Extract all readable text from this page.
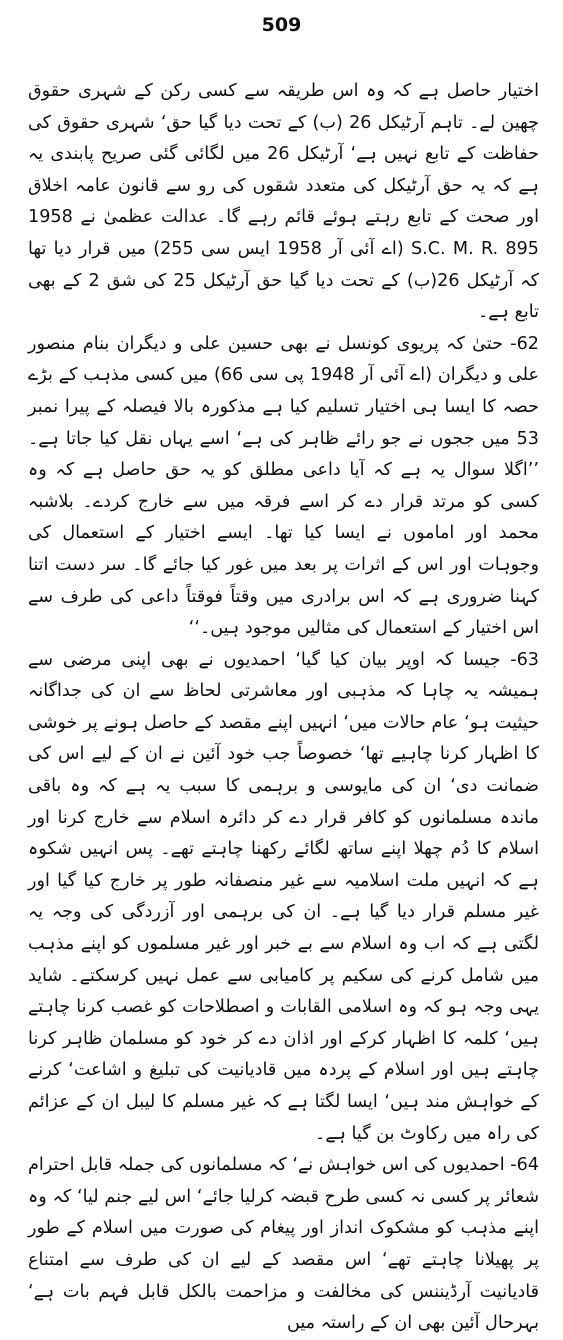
509

اختیار حاصل ہے کہ وہ اس طریقہ سے کسی رکن کے شہری حقوق چھین لے۔ تاہم آرٹیکل 26 (ب) کے تحت دیا گیا حق‘ شہری حقوق کی حفاظت کے تابع نہیں ہے‘ آرٹیکل 26 میں لگائی گئی صریح پابندی یہ ہے کہ یہ حق آرٹیکل کی متعدد شقوں کی رو سے قانون عامہ اخلاق اور صحت کے تابع رہتے ہوئے قائم رہے گا۔ عدالت عظمیٰ نے 1958 S.C. M. R. 895 (اے آئی آر 1958 ایس سی 255) میں قرار دیا تھا کہ آرٹیکل 26(ب) کے تحت دیا گیا حق آرٹیکل 25 کی شق 2 کے بھی تابع ہے۔

62- حتیٰ کہ پریوی کونسل نے بھی حسین علی و دیگران بنام منصور علی و دیگران (اے آئی آر 1948 پی سی 66) میں کسی مذہب کے بڑے حصہ کا ایسا ہی اختیار تسلیم کیا ہے مذکورہ بالا فیصلہ کے پیرا نمبر 53 میں ججوں نے جو رائے ظاہر کی ہے‘ اسے یہاں نقل کیا جاتا ہے۔ ’’اگلا سوال یہ ہے کہ آیا داعی مطلق کو یہ حق حاصل ہے کہ وہ کسی کو مرتد قرار دے کر اسے فرقہ میں سے خارج کردے۔ بلاشبہ محمد اور اماموں نے ایسا کیا تھا۔ ایسے اختیار کے استعمال کی وجوہات اور اس کے اثرات پر بعد میں غور کیا جائے گا۔ سر دست اتنا کہنا ضروری ہے کہ اس برادری میں وقتاً فوقتاً داعی کی طرف سے اس اختیار کے استعمال کی مثالیں موجود ہیں۔‘‘

63- جیسا کہ اوپر بیان کیا گیا‘ احمدیوں نے بھی اپنی مرضی سے ہمیشہ یہ چاہا کہ مذہبی اور معاشرتی لحاظ سے ان کی جداگانہ حیثیت ہو‘ عام حالات میں‘ انہیں اپنے مقصد کے حاصل ہونے پر خوشی کا اظہار کرنا چاہیے تھا‘ خصوصاً جب خود آئین نے ان کے لیے اس کی ضمانت دی‘ ان کی مایوسی و برہمی کا سبب یہ ہے کہ وہ باقی ماندہ مسلمانوں کو کافر قرار دے کر دائرہ اسلام سے خارج کرنا اور اسلام کا دُم چھلا اپنے ساتھ لگائے رکھنا چاہتے تھے۔ پس انہیں شکوہ ہے کہ انہیں ملت اسلامیہ سے غیر منصفانہ طور پر خارج کیا گیا اور غیر مسلم قرار دیا گیا ہے۔ ان کی برہمی اور آزردگی کی وجہ یہ لگتی ہے کہ اب وہ اسلام سے بے خبر اور غیر مسلموں کو اپنے مذہب میں شامل کرنے کی سکیم پر کامیابی سے عمل نہیں کرسکتے۔ شاید یہی وجہ ہو کہ وہ اسلامی القابات و اصطلاحات کو غصب کرنا چاہتے ہیں‘ کلمہ کا اظہار کرکے اور اذان دے کر خود کو مسلمان ظاہر کرنا چاہتے ہیں اور اسلام کے پردہ میں قادیانیت کی تبلیغ و اشاعت‘ کرنے کے خواہش مند ہیں‘ ایسا لگتا ہے کہ غیر مسلم کا لیبل ان کے عزائم کی راہ میں رکاوٹ بن گیا ہے۔

64- احمدیوں کی اس خواہش نے‘ کہ مسلمانوں کی جملہ قابل احترام شعائر پر کسی نہ کسی طرح قبضہ کرلیا جائے‘ اس لیے جنم لیا‘ کہ وہ اپنے مذہب کو مشکوک انداز اور پیغام کی صورت میں اسلام کے طور پر پھیلانا چاہتے تھے‘ اس مقصد کے لیے ان کی طرف سے امتناع قادیانیت آرڈیننس کی مخالفت و مزاحمت بالکل قابل فہم بات ہے‘ بہرحال آئین بھی ان کے راستہ میں
